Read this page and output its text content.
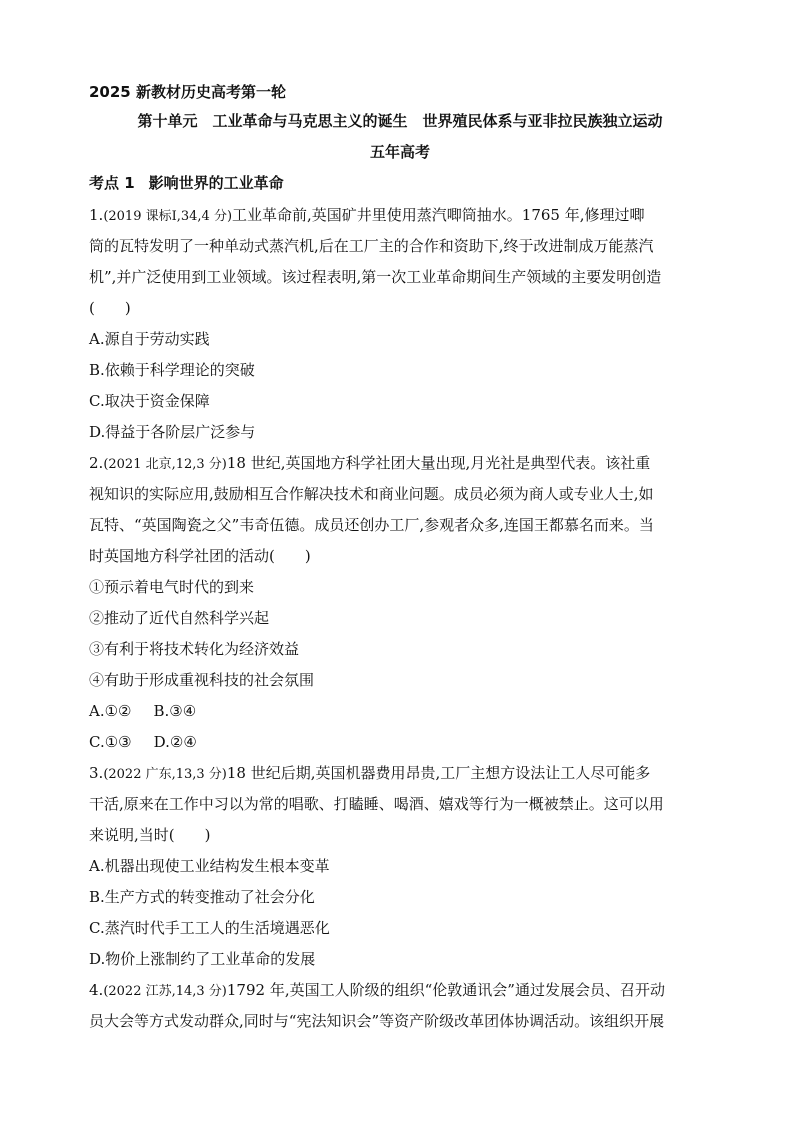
2025 新教材历史高考第一轮
第十单元　工业革命与马克思主义的诞生　世界殖民体系与亚非拉民族独立运动
五年高考
考点 1 影响世界的工业革命
1.(2019 课标Ⅰ,34,4 分)工业革命前,英国矿井里使用蒸汽唧筒抽水。1765 年,修理过唧
筒的瓦特发明了一种单动式蒸汽机,后在工厂主的合作和资助下,终于改进制成万能蒸汽
机”,并广泛使用到工业领域。该过程表明,第一次工业革命期间生产领域的主要发明创造
(　　)
A.源自于劳动实践
B.依赖于科学理论的突破
C.取决于资金保障
D.得益于各阶层广泛参与
2.(2021 北京,12,3 分)18 世纪,英国地方科学社团大量出现,月光社是典型代表。该社重
视知识的实际应用,鼓励相互合作解决技术和商业问题。成员必须为商人或专业人士,如
瓦特、“英国陶瓷之父”韦奇伍德。成员还创办工厂,参观者众多,连国王都慕名而来。当
时英国地方科学社团的活动(　　)
①预示着电气时代的到来
②推动了近代自然科学兴起
③有利于将技术转化为经济效益
④有助于形成重视科技的社会氛围
A.①② B.③④
C.①③ D.②④
3.(2022 广东,13,3 分)18 世纪后期,英国机器费用昂贵,工厂主想方设法让工人尽可能多
干活,原来在工作中习以为常的唱歌、打瞌睡、喝酒、嬉戏等行为一概被禁止。这可以用
来说明,当时(　　)
A.机器出现使工业结构发生根本变革
B.生产方式的转变推动了社会分化
C.蒸汽时代手工工人的生活境遇恶化
D.物价上涨制约了工业革命的发展
4.(2022 江苏,14,3 分)1792 年,英国工人阶级的组织“伦敦通讯会”通过发展会员、召开动
员大会等方式发动群众,同时与“宪法知识会”等资产阶级改革团体协调活动。该组织开展
